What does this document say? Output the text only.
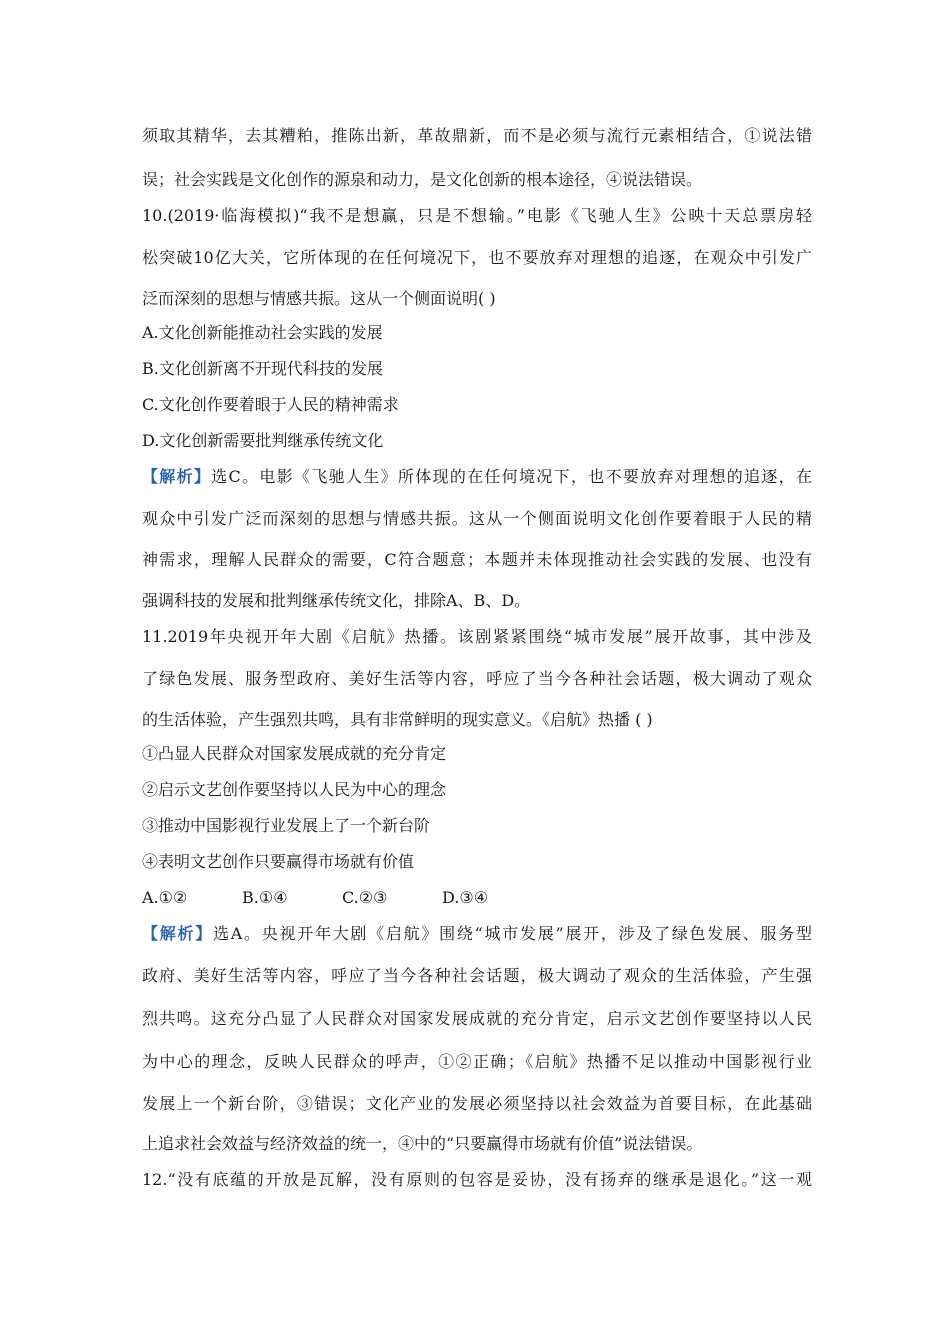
须取其精华，去其糟粕，推陈出新，革故鼎新，而不是必须与流行元素相结合，①说法错
误；社会实践是文化创作的源泉和动力，是文化创新的根本途径，④说法错误。
10.(2019·临海模拟)“我不是想赢，只是不想输。”电影《飞驰人生》公映十天总票房轻
松突破10亿大关，它所体现的在任何境况下，也不要放弃对理想的追逐，在观众中引发广
泛而深刻的思想与情感共振。这从一个侧面说明( )
A.文化创新能推动社会实践的发展
B.文化创新离不开现代科技的发展
C.文化创作要着眼于人民的精神需求
D.文化创新需要批判继承传统文化
【解析】选C。电影《飞驰人生》所体现的在任何境况下，也不要放弃对理想的追逐，在
观众中引发广泛而深刻的思想与情感共振。这从一个侧面说明文化创作要着眼于人民的精
神需求，理解人民群众的需要，C符合题意；本题并未体现推动社会实践的发展、也没有
强调科技的发展和批判继承传统文化，排除A、B、D。
11.2019年央视开年大剧《启航》热播。该剧紧紧围绕“城市发展”展开故事，其中涉及
了绿色发展、服务型政府、美好生活等内容，呼应了当今各种社会话题，极大调动了观众
的生活体验，产生强烈共鸣，具有非常鲜明的现实意义。《启航》热播 ( )
①凸显人民群众对国家发展成就的充分肯定
②启示文艺创作要坚持以人民为中心的理念
③推动中国影视行业发展上了一个新台阶
④表明文艺创作只要赢得市场就有价值
A.①②	B.①④	C.②③	D.③④
【解析】选A。央视开年大剧《启航》围绕“城市发展”展开，涉及了绿色发展、服务型
政府、美好生活等内容，呼应了当今各种社会话题，极大调动了观众的生活体验，产生强
烈共鸣。这充分凸显了人民群众对国家发展成就的充分肯定，启示文艺创作要坚持以人民
为中心的理念，反映人民群众的呼声，①②正确；《启航》热播不足以推动中国影视行业
发展上一个新台阶，③错误；文化产业的发展必须坚持以社会效益为首要目标，在此基础
上追求社会效益与经济效益的统一，④中的“只要赢得市场就有价值”说法错误。
12.“没有底蕴的开放是瓦解，没有原则的包容是妥协，没有扬弃的继承是退化。”这一观
